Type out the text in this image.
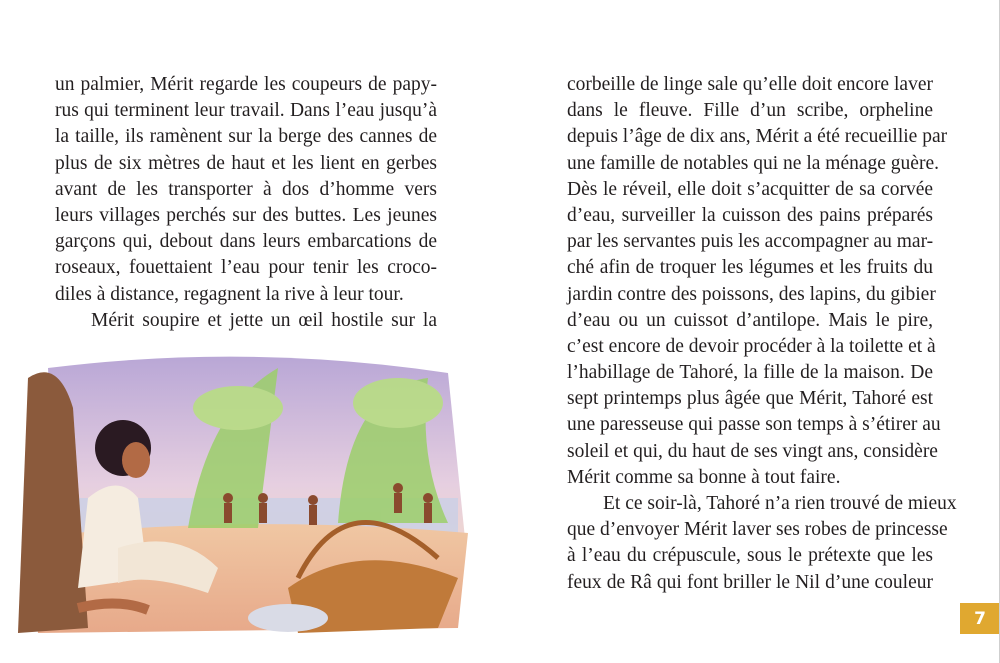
un palmier, Mérit regarde les coupeurs de papy-
rus qui terminent leur travail. Dans l’eau jusqu’à
la taille, ils ramènent sur la berge des cannes de
plus de six mètres de haut et les lient en gerbes
avant de les transporter à dos d’homme vers
leurs villages perchés sur des buttes. Les jeunes
garçons qui, debout dans leurs embarcations de
roseaux, fouettaient l’eau pour tenir les croco-
diles à distance, regagnent la rive à leur tour.
Mérit soupire et jette un œil hostile sur la
corbeille de linge sale qu’elle doit encore laver
dans le fleuve. Fille d’un scribe, orpheline
depuis l’âge de dix ans, Mérit a été recueillie par
une famille de notables qui ne la ménage guère.
Dès le réveil, elle doit s’acquitter de sa corvée
d’eau, surveiller la cuisson des pains préparés
par les servantes puis les accompagner au mar-
ché afin de troquer les légumes et les fruits du
jardin contre des poissons, des lapins, du gibier
d’eau ou un cuissot d’antilope. Mais le pire,
c’est encore de devoir procéder à la toilette et à
l’habillage de Tahoré, la fille de la maison. De
sept printemps plus âgée que Mérit, Tahoré est
une paresseuse qui passe son temps à s’étirer au
soleil et qui, du haut de ses vingt ans, considère
Mérit comme sa bonne à tout faire.
Et ce soir-là, Tahoré n’a rien trouvé de mieux
que d’envoyer Mérit laver ses robes de princesse
à l’eau du crépuscule, sous le prétexte que les
feux de Râ qui font briller le Nil d’une couleur
7
